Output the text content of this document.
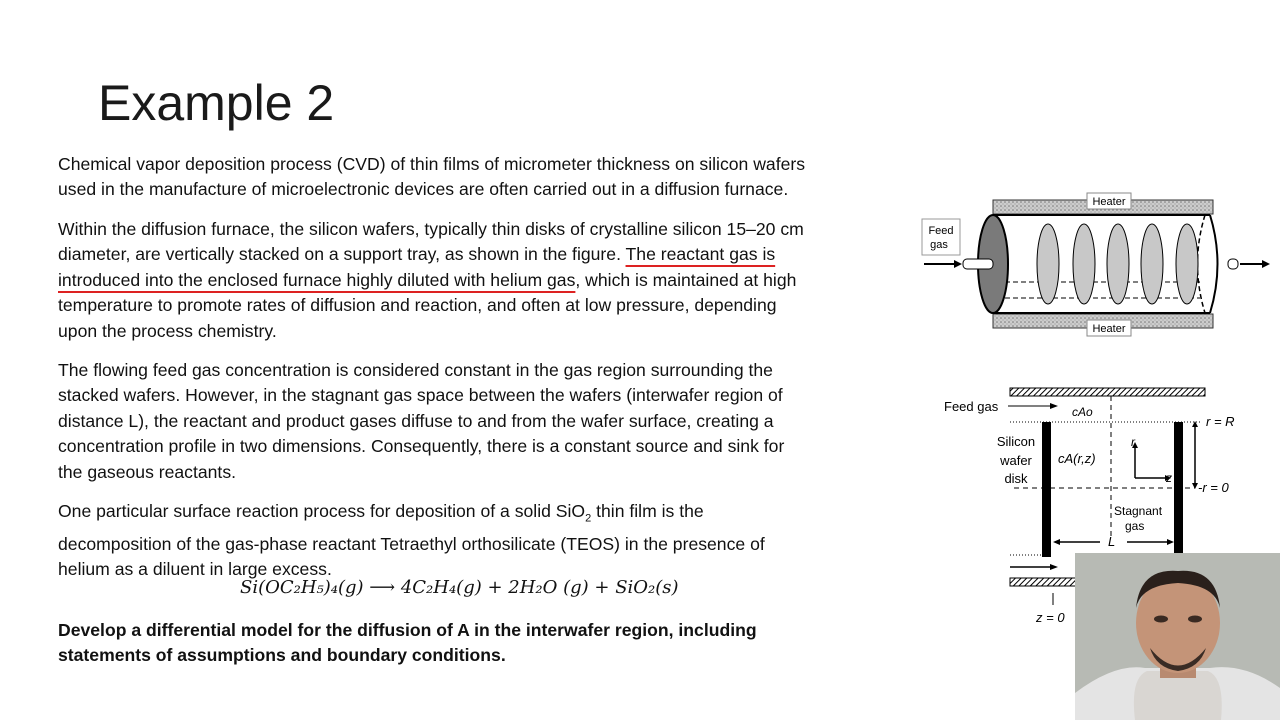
Example 2
Chemical vapor deposition process (CVD) of thin films of micrometer thickness on silicon wafers
used in the manufacture of microelectronic devices are often carried out in a diffusion furnace.
Within the diffusion furnace, the silicon wafers, typically thin disks of crystalline silicon 15–20 cm
diameter, are vertically stacked on a support tray, as shown in the figure. The reactant gas is
introduced into the enclosed furnace highly diluted with helium gas, which is maintained at high
temperature to promote rates of diffusion and reaction, and often at low pressure, depending
upon the process chemistry.
The flowing feed gas concentration is considered constant in the gas region surrounding the
stacked wafers. However, in the stagnant gas space between the wafers (interwafer region of
distance L), the reactant and product gases diffuse to and from the wafer surface, creating a
concentration profile in two dimensions. Consequently, there is a constant source and sink for
the gaseous reactants.
One particular surface reaction process for deposition of a solid SiO$_2$ thin film is the
decomposition of the gas-phase reactant Tetraethyl orthosilicate (TEOS) in the presence of
helium as a diluent in large excess.
Si(OC₂H₅)₄(g) ⟶ 4C₂H₄(g) + 2H₂O (g) + SiO₂(s)
Develop a differential model for the diffusion of A in the interwafer region, including
statements of assumptions and boundary conditions.
Heater
Heater
Feed
gas
Feed gas	cAo
Silicon
wafer
disk
cA(r,z)
r
z
r = R
-r = 0
Stagnant
gas
L
z = 0
